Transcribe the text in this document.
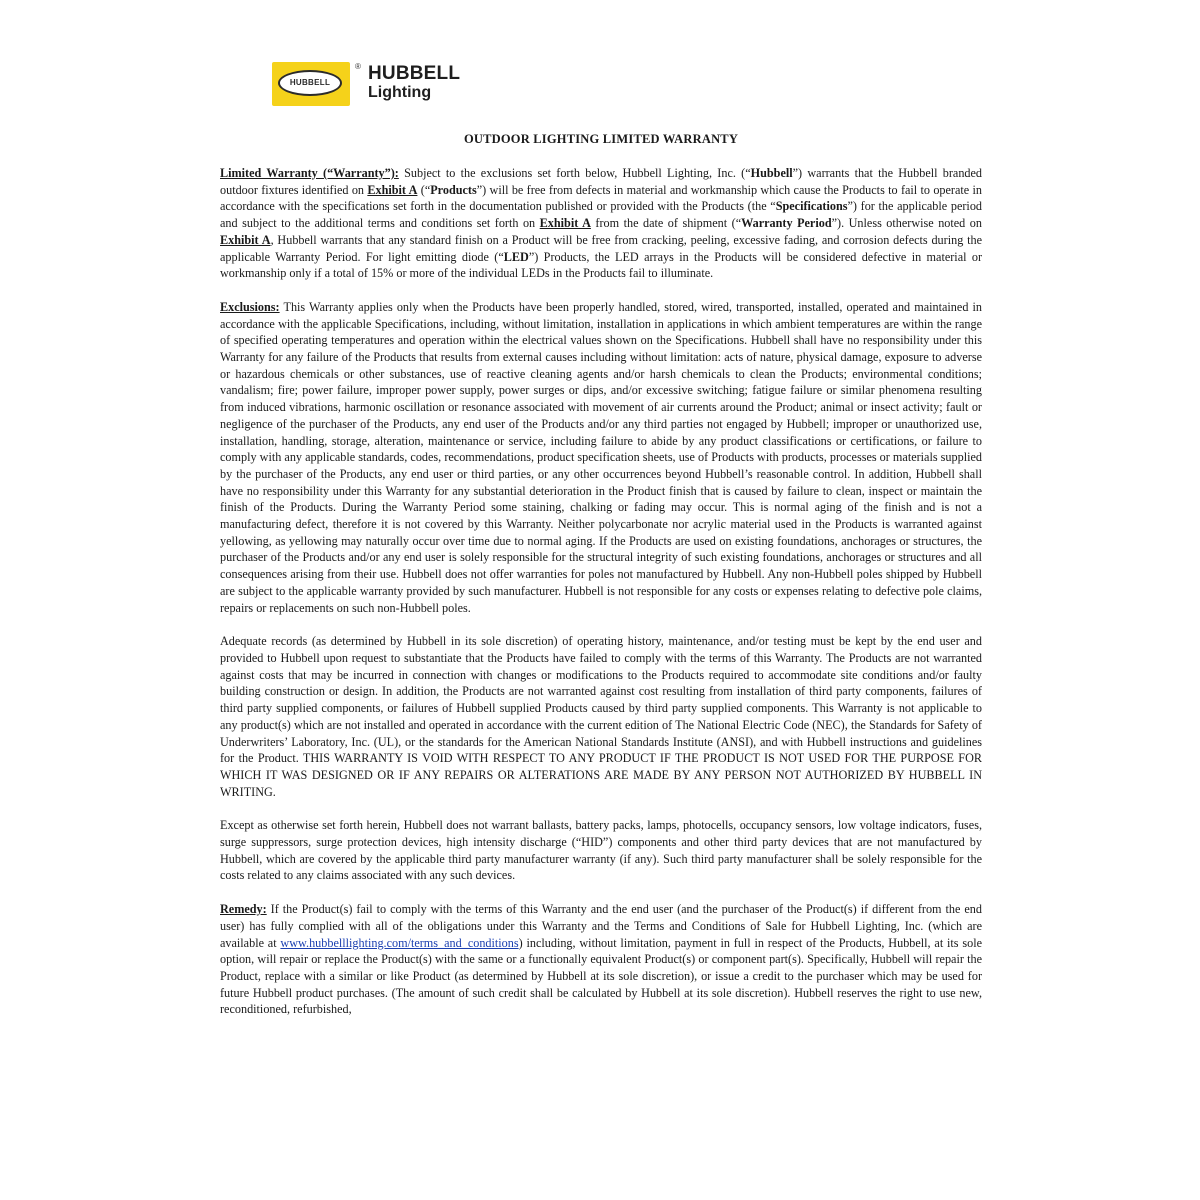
HUBBELL
® HUBBELL
Lighting
OUTDOOR LIGHTING LIMITED WARRANTY

Limited Warranty (“Warranty”): Subject to the exclusions set forth below, Hubbell Lighting, Inc. (“Hubbell”) warrants that the Hubbell branded outdoor fixtures identified on Exhibit A (“Products”) will be free from defects in material and workmanship which cause the Products to fail to operate in accordance with the specifications set forth in the documentation published or provided with the Products (the “Specifications”) for the applicable period and subject to the additional terms and conditions set forth on Exhibit A from the date of shipment (“Warranty Period”). Unless otherwise noted on Exhibit A, Hubbell warrants that any standard finish on a Product will be free from cracking, peeling, excessive fading, and corrosion defects during the applicable Warranty Period. For light emitting diode (“LED”) Products, the LED arrays in the Products will be considered defective in material or workmanship only if a total of 15% or more of the individual LEDs in the Products fail to illuminate.

Exclusions: This Warranty applies only when the Products have been properly handled, stored, wired, transported, installed, operated and maintained in accordance with the applicable Specifications, including, without limitation, installation in applications in which ambient temperatures are within the range of specified operating temperatures and operation within the electrical values shown on the Specifications. Hubbell shall have no responsibility under this Warranty for any failure of the Products that results from external causes including without limitation: acts of nature, physical damage, exposure to adverse or hazardous chemicals or other substances, use of reactive cleaning agents and/or harsh chemicals to clean the Products; environmental conditions; vandalism; fire; power failure, improper power supply, power surges or dips, and/or excessive switching; fatigue failure or similar phenomena resulting from induced vibrations, harmonic oscillation or resonance associated with movement of air currents around the Product; animal or insect activity; fault or negligence of the purchaser of the Products, any end user of the Products and/or any third parties not engaged by Hubbell; improper or unauthorized use, installation, handling, storage, alteration, maintenance or service, including failure to abide by any product classifications or certifications, or failure to comply with any applicable standards, codes, recommendations, product specification sheets, use of Products with products, processes or materials supplied by the purchaser of the Products, any end user or third parties, or any other occurrences beyond Hubbell’s reasonable control. In addition, Hubbell shall have no responsibility under this Warranty for any substantial deterioration in the Product finish that is caused by failure to clean, inspect or maintain the finish of the Products. During the Warranty Period some staining, chalking or fading may occur. This is normal aging of the finish and is not a manufacturing defect, therefore it is not covered by this Warranty. Neither polycarbonate nor acrylic material used in the Products is warranted against yellowing, as yellowing may naturally occur over time due to normal aging. If the Products are used on existing foundations, anchorages or structures, the purchaser of the Products and/or any end user is solely responsible for the structural integrity of such existing foundations, anchorages or structures and all consequences arising from their use. Hubbell does not offer warranties for poles not manufactured by Hubbell. Any non-Hubbell poles shipped by Hubbell are subject to the applicable warranty provided by such manufacturer. Hubbell is not responsible for any costs or expenses relating to defective pole claims, repairs or replacements on such non-Hubbell poles.

Adequate records (as determined by Hubbell in its sole discretion) of operating history, maintenance, and/or testing must be kept by the end user and provided to Hubbell upon request to substantiate that the Products have failed to comply with the terms of this Warranty. The Products are not warranted against costs that may be incurred in connection with changes or modifications to the Products required to accommodate site conditions and/or faulty building construction or design. In addition, the Products are not warranted against cost resulting from installation of third party components, failures of third party supplied components, or failures of Hubbell supplied Products caused by third party supplied components. This Warranty is not applicable to any product(s) which are not installed and operated in accordance with the current edition of The National Electric Code (NEC), the Standards for Safety of Underwriters’ Laboratory, Inc. (UL), or the standards for the American National Standards Institute (ANSI), and with Hubbell instructions and guidelines for the Product. THIS WARRANTY IS VOID WITH RESPECT TO ANY PRODUCT IF THE PRODUCT IS NOT USED FOR THE PURPOSE FOR WHICH IT WAS DESIGNED OR IF ANY REPAIRS OR ALTERATIONS ARE MADE BY ANY PERSON NOT AUTHORIZED BY HUBBELL IN WRITING.

Except as otherwise set forth herein, Hubbell does not warrant ballasts, battery packs, lamps, photocells, occupancy sensors, low voltage indicators, fuses, surge suppressors, surge protection devices, high intensity discharge (“HID”) components and other third party devices that are not manufactured by Hubbell, which are covered by the applicable third party manufacturer warranty (if any). Such third party manufacturer shall be solely responsible for the costs related to any claims associated with any such devices.

Remedy: If the Product(s) fail to comply with the terms of this Warranty and the end user (and the purchaser of the Product(s) if different from the end user) has fully complied with all of the obligations under this Warranty and the Terms and Conditions of Sale for Hubbell Lighting, Inc. (which are available at www.hubbelllighting.com/terms_and_conditions) including, without limitation, payment in full in respect of the Products, Hubbell, at its sole option, will repair or replace the Product(s) with the same or a functionally equivalent Product(s) or component part(s). Specifically, Hubbell will repair the Product, replace with a similar or like Product (as determined by Hubbell at its sole discretion), or issue a credit to the purchaser which may be used for future Hubbell product purchases. (The amount of such credit shall be calculated by Hubbell at its sole discretion). Hubbell reserves the right to use new, reconditioned, refurbished,
